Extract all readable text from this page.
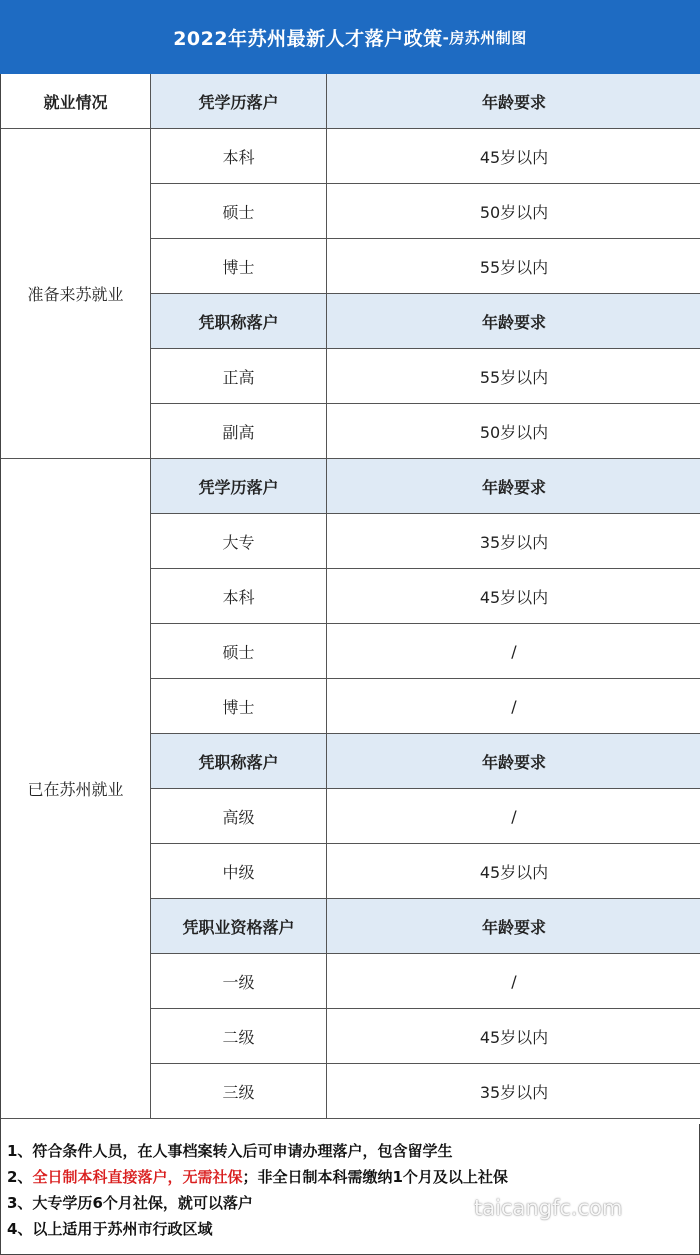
2022年苏州最新人才落户政策 -房苏州制图
就业情况	凭学历落户	年龄要求
准备来苏就业
本科	45岁以内
硕士	50岁以内
博士	55岁以内
凭职称落户	年龄要求
正高	55岁以内
副高	50岁以内
已在苏州就业
凭学历落户	年龄要求
大专	35岁以内
本科	45岁以内
硕士	/
博士	/
凭职称落户	年龄要求
高级	/
中级	45岁以内
凭职业资格落户	年龄要求
一级	/
二级	45岁以内
三级	35岁以内
1、符合条件人员，在人事档案转入后可申请办理落户，包含留学生
2、全日制本科直接落户，无需社保；非全日制本科需缴纳1个月及以上社保
3、大专学历6个月社保，就可以落户
4、以上适用于苏州市行政区域
taicangfc.com
